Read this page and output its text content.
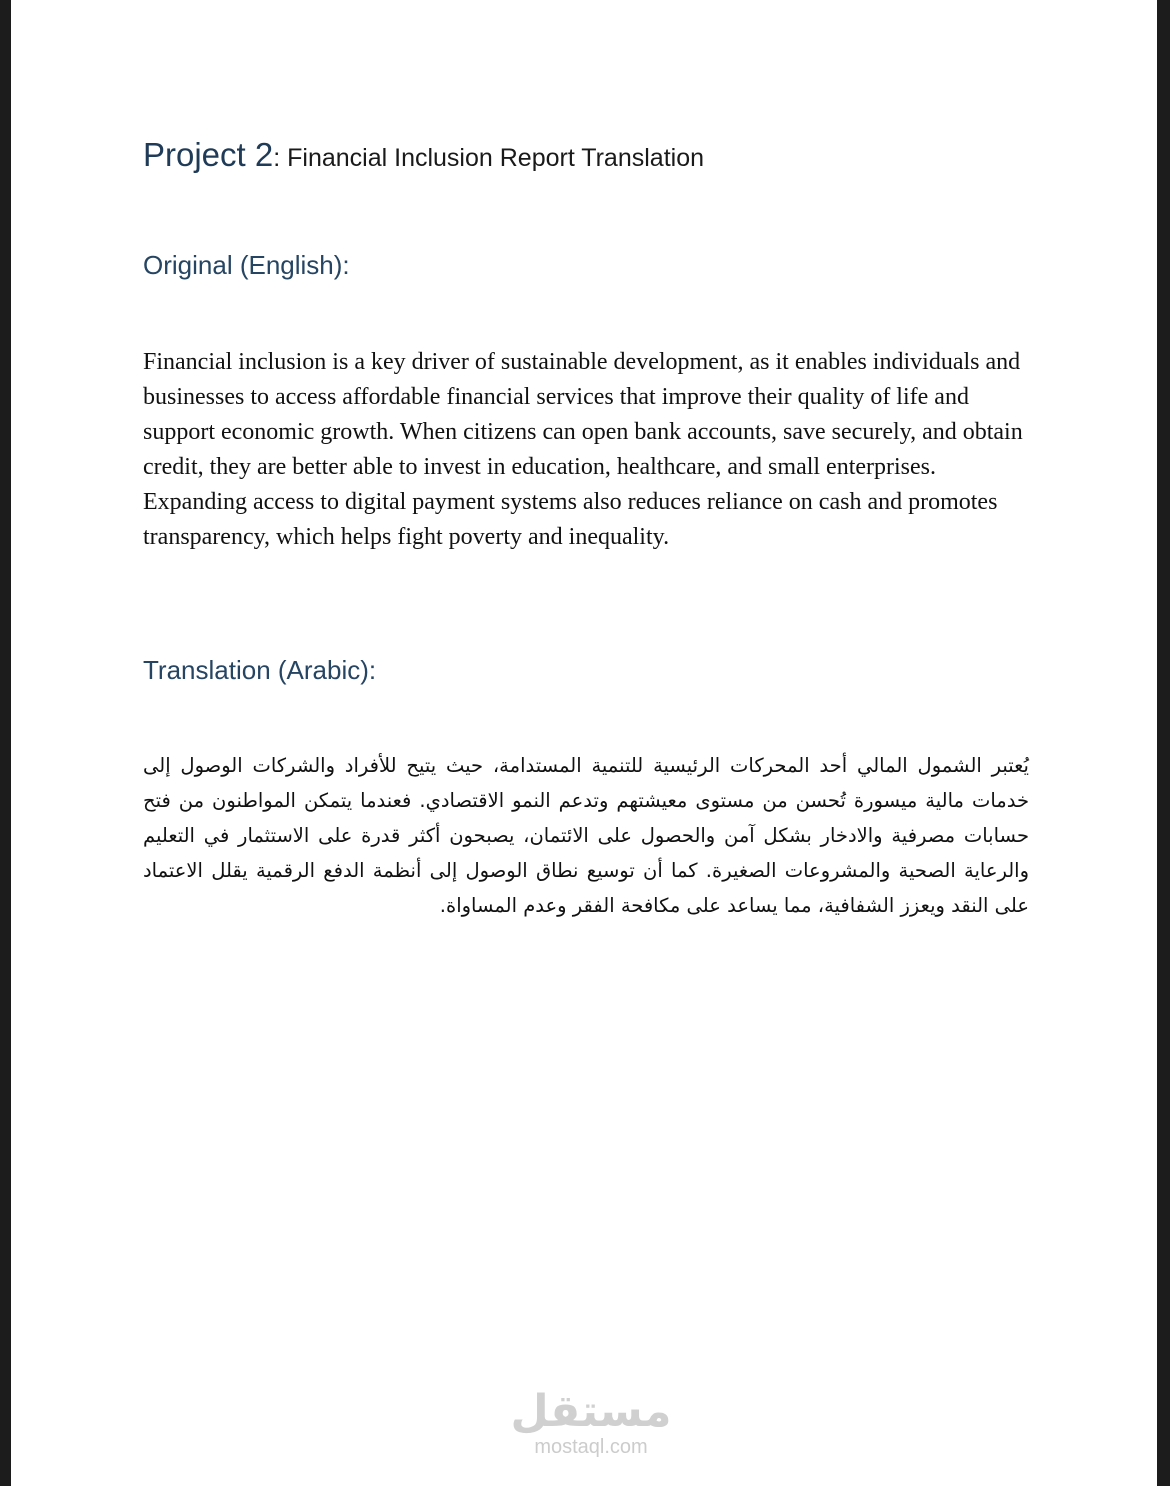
Project 2: Financial Inclusion Report Translation
Original (English):

Financial inclusion is a key driver of sustainable development, as it enables individuals and businesses to access affordable financial services that improve their quality of life and support economic growth. When citizens can open bank accounts, save securely, and obtain credit, they are better able to invest in education, healthcare, and small enterprises. Expanding access to digital payment systems also reduces reliance on cash and promotes transparency, which helps fight poverty and inequality.

Translation (Arabic):

يُعتبر الشمول المالي أحد المحركات الرئيسية للتنمية المستدامة، حيث يتيح للأفراد والشركات الوصول إلى خدمات مالية ميسورة تُحسن من مستوى معيشتهم وتدعم النمو الاقتصادي. فعندما يتمكن المواطنون من فتح حسابات مصرفية والادخار بشكل آمن والحصول على الائتمان، يصبحون أكثر قدرة على الاستثمار في التعليم والرعاية الصحية والمشروعات الصغيرة. كما أن توسيع نطاق الوصول إلى أنظمة الدفع الرقمية يقلل الاعتماد على النقد ويعزز الشفافية، مما يساعد على مكافحة الفقر وعدم المساواة.

مستقل
mostaql.com
